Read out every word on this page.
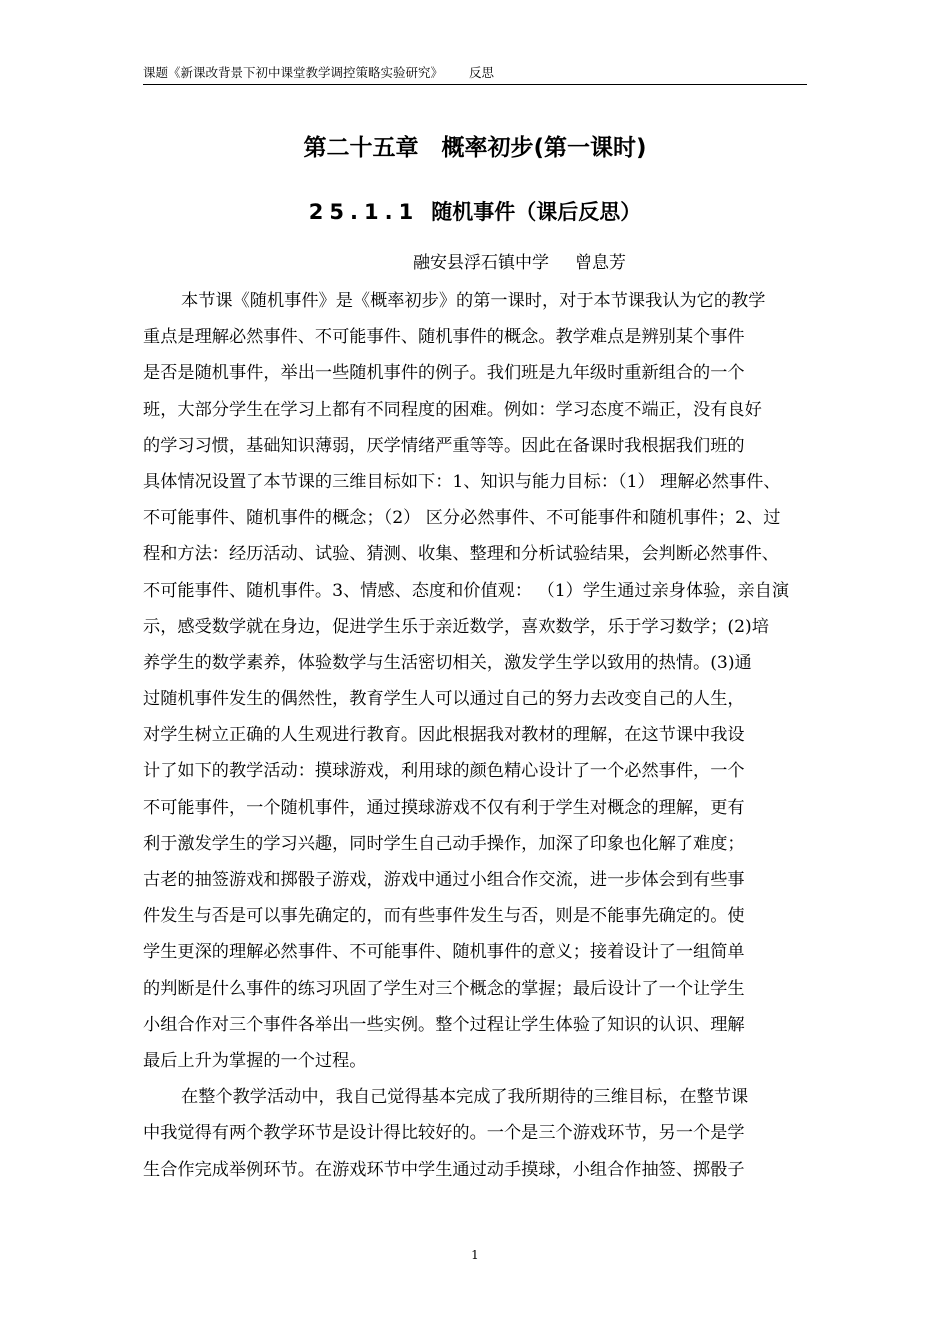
课题《新课改背景下初中课堂教学调控策略实验研究》 反思
第二十五章　概率初步(第一课时)
25.1.1 随机事件（课后反思）
融安县浮石镇中学 曾息芳
本节课《随机事件》是《概率初步》的第一课时，对于本节课我认为它的教学
重点是理解必然事件、不可能事件、随机事件的概念。教学难点是辨别某个事件
是否是随机事件，举出一些随机事件的例子。我们班是九年级时重新组合的一个
班，大部分学生在学习上都有不同程度的困难。例如：学习态度不端正，没有良好
的学习习惯，基础知识薄弱，厌学情绪严重等等。因此在备课时我根据我们班的
具体情况设置了本节课的三维目标如下：1、知识与能力目标：（1） 理解必然事件、
不可能事件、随机事件的概念；（2） 区分必然事件、不可能事件和随机事件；2、过
程和方法：经历活动、试验、猜测、收集、整理和分析试验结果，会判断必然事件、
不可能事件、随机事件。3、情感、态度和价值观： （1）学生通过亲身体验，亲自演
示，感受数学就在身边，促进学生乐于亲近数学，喜欢数学，乐于学习数学；(2)培
养学生的数学素养，体验数学与生活密切相关，激发学生学以致用的热情。(3)通
过随机事件发生的偶然性，教育学生人可以通过自己的努力去改变自己的人生，
对学生树立正确的人生观进行教育。因此根据我对教材的理解，在这节课中我设
计了如下的教学活动：摸球游戏，利用球的颜色精心设计了一个必然事件，一个
不可能事件，一个随机事件，通过摸球游戏不仅有利于学生对概念的理解，更有
利于激发学生的学习兴趣，同时学生自己动手操作，加深了印象也化解了难度；
古老的抽签游戏和掷骰子游戏，游戏中通过小组合作交流，进一步体会到有些事
件发生与否是可以事先确定的，而有些事件发生与否，则是不能事先确定的。使
学生更深的理解必然事件、不可能事件、随机事件的意义；接着设计了一组简单
的判断是什么事件的练习巩固了学生对三个概念的掌握；最后设计了一个让学生
小组合作对三个事件各举出一些实例。整个过程让学生体验了知识的认识、理解
最后上升为掌握的一个过程。
在整个教学活动中，我自己觉得基本完成了我所期待的三维目标，在整节课
中我觉得有两个教学环节是设计得比较好的。一个是三个游戏环节，另一个是学
生合作完成举例环节。在游戏环节中学生通过动手摸球，小组合作抽签、掷骰子
1
